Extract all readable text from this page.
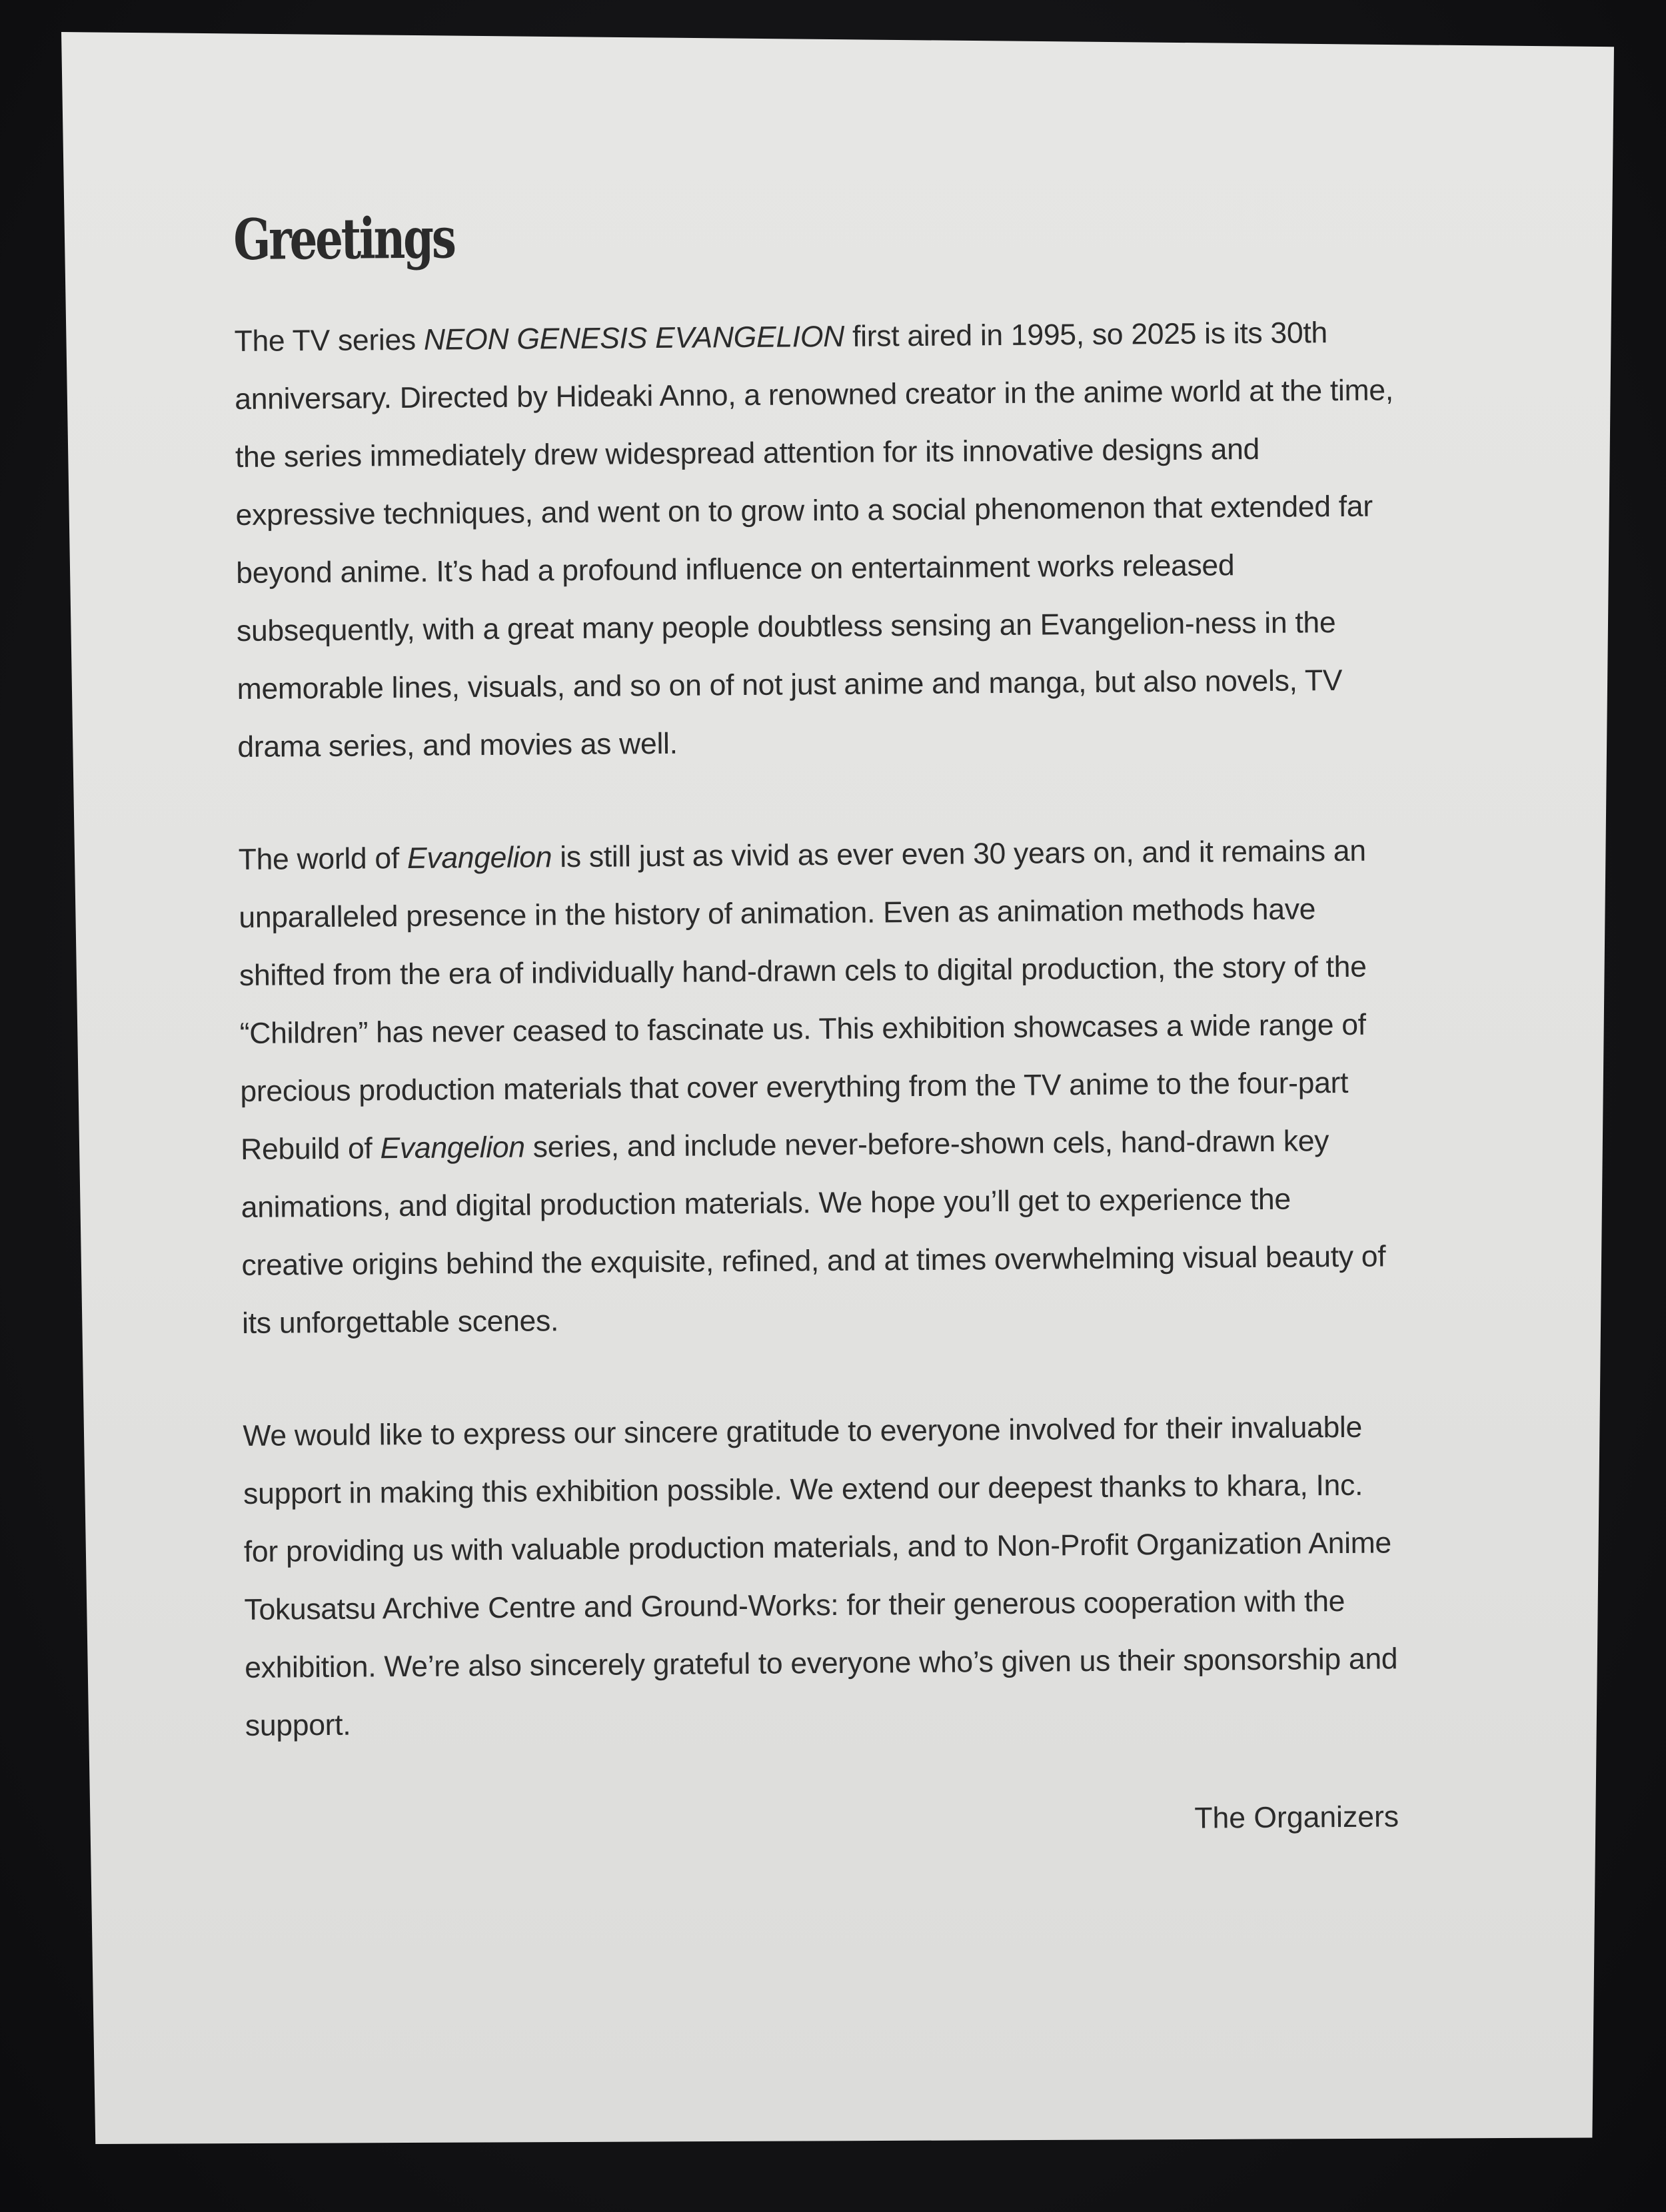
Greetings

The TV series NEON GENESIS EVANGELION first aired in 1995, so 2025 is its 30th anniversary. Directed by Hideaki Anno, a renowned creator in the anime world at the time, the series immediately drew widespread attention for its innovative designs and expressive techniques, and went on to grow into a social phenomenon that extended far beyond anime. It’s had a profound influence on entertainment works released subsequently, with a great many people doubtless sensing an Evangelion-ness in the memorable lines, visuals, and so on of not just anime and manga, but also novels, TV drama series, and movies as well.

The world of Evangelion is still just as vivid as ever even 30 years on, and it remains an unparalleled presence in the history of animation. Even as animation methods have shifted from the era of individually hand-drawn cels to digital production, the story of the “Children” has never ceased to fascinate us. This exhibition showcases a wide range of precious production materials that cover everything from the TV anime to the four-part Rebuild of Evangelion series, and include never-before-shown cels, hand-drawn key animations, and digital production materials. We hope you’ll get to experience the creative origins behind the exquisite, refined, and at times overwhelming visual beauty of its unforgettable scenes.

We would like to express our sincere gratitude to everyone involved for their invaluable support in making this exhibition possible. We extend our deepest thanks to khara, Inc. for providing us with valuable production materials, and to Non-Profit Organization Anime Tokusatsu Archive Centre and Ground-Works: for their generous cooperation with the exhibition. We’re also sincerely grateful to everyone who’s given us their sponsorship and support.

The Organizers
